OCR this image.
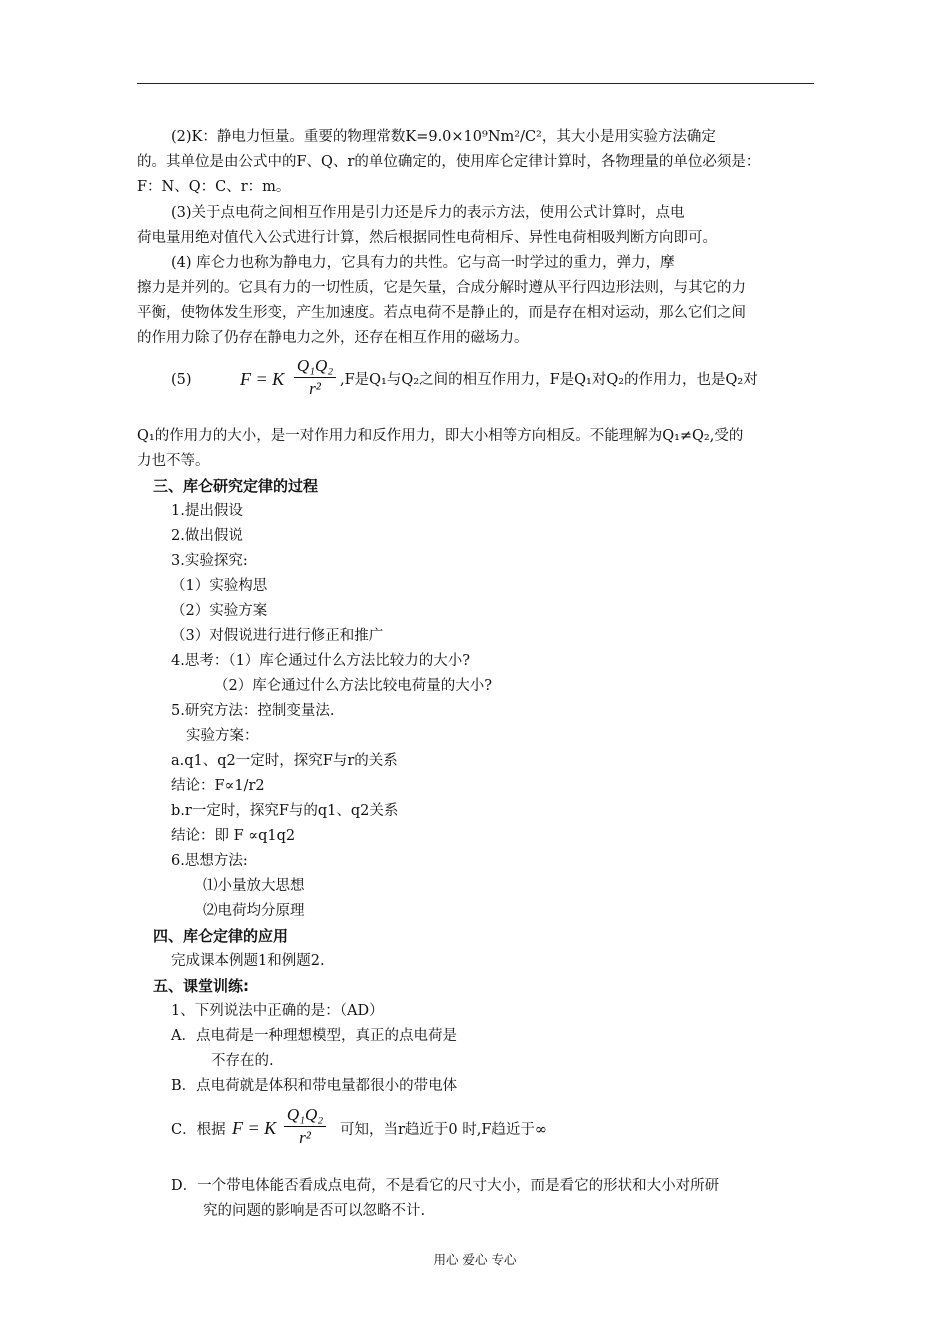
(2)K：静电力恒量。重要的物理常数K=9.0×10⁹Nm²/C²，其大小是用实验方法确定
的。其单位是由公式中的F、Q、r的单位确定的，使用库仑定律计算时，各物理量的单位必须是：
F：N、Q：C、r：m。
(3)关于点电荷之间相互作用是引力还是斥力的表示方法，使用公式计算时，点电
荷电量用绝对值代入公式进行计算，然后根据同性电荷相斥、异性电荷相吸判断方向即可。
(4) 库仑力也称为静电力，它具有力的共性。它与高一时学过的重力，弹力，摩
擦力是并列的。它具有力的一切性质，它是矢量，合成分解时遵从平行四边形法则，与其它的力
平衡，使物体发生形变，产生加速度。若点电荷不是静止的，而是存在相对运动，那么它们之间
的作用力除了仍存在静电力之外，还存在相互作用的磁场力。
(5)	F = K
Q₁Q₂
r²	,F是Q₁与Q₂之间的相互作用力，F是Q₁对Q₂的作用力，也是Q₂对
Q₁的作用力的大小，是一对作用力和反作用力，即大小相等方向相反。不能理解为Q₁≠Q₂,受的
力也不等。
三、库仑研究定律的过程
1.提出假设
2.做出假说
3.实验探究:
（1）实验构思
（2）实验方案
（3）对假说进行进行修正和推广
4.思考：（1）库仑通过什么方法比较力的大小?
（2）库仑通过什么方法比较电荷量的大小?
5.研究方法：控制变量法.
实验方案：
a.q1、q2一定时，探究F与r的关系
结论：F∝1/r2
b.r一定时，探究F与的q1、q2关系
结论：即 F ∝q1q2
6.思想方法:
⑴小量放大思想
⑵电荷均分原理
四、库仑定律的应用
完成课本例题1和例题2.
五、课堂训练:
1、下列说法中正确的是：（AD）
A．点电荷是一种理想模型，真正的点电荷是
不存在的.
B．点电荷就是体积和带电量都很小的带电体
C．根据 F = K
Q₁Q₂
r²	可知，当r趋近于0 时,F趋近于∞
D．一个带电体能否看成点电荷，不是看它的尺寸大小，而是看它的形状和大小对所研
究的问题的影响是否可以忽略不计.
用心 爱心 专心
